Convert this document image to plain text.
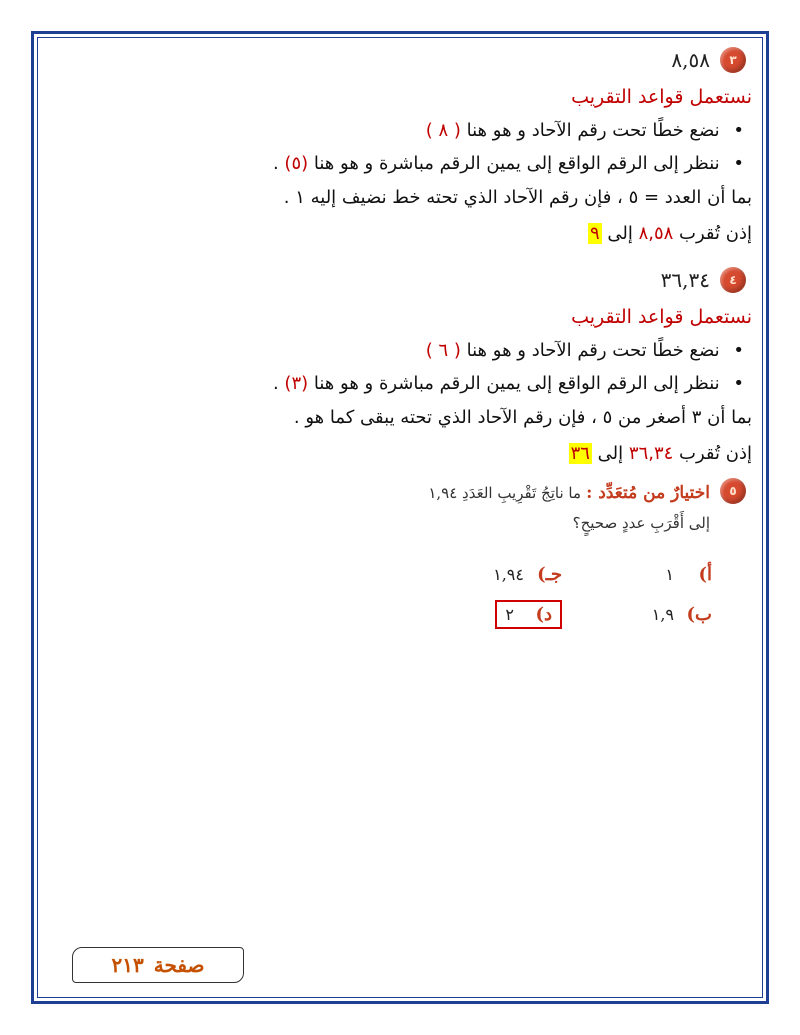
٣
٨,٥٨
نستعمل قواعد التقريب
• نضع خطًا تحت رقم الآحاد و هو هنا ( ٨ )
• ننظر إلى الرقم الواقع إلى يمين الرقم مباشرة و هو هنا (٥) .
بما أن العدد = ٥ ، فإن رقم الآحاد الذي تحته خط نضيف إليه ١ .
إذن تُقرب ٨,٥٨ إلى ٩
٤
٣٦,٣٤
نستعمل قواعد التقريب
• نضع خطًا تحت رقم الآحاد و هو هنا ( ٦ )
• ننظر إلى الرقم الواقع إلى يمين الرقم مباشرة و هو هنا (٣) .
بما أن ٣ أصغر من ٥ ، فإن رقم الآحاد الذي تحته يبقى كما هو .
إذن تُقرب ٣٦,٣٤ إلى ٣٦
٥
اختيارٌ من مُتعَدِّد : ما ناتِجُ تَقْرِيبِ العَدَدِ ١,٩٤
إلى أَقْرَبِ عددٍ صحيحٍ؟
أ)
١
جـ)
١,٩٤
ب)
١,٩
د)
٢
صفحة
٢١٣
